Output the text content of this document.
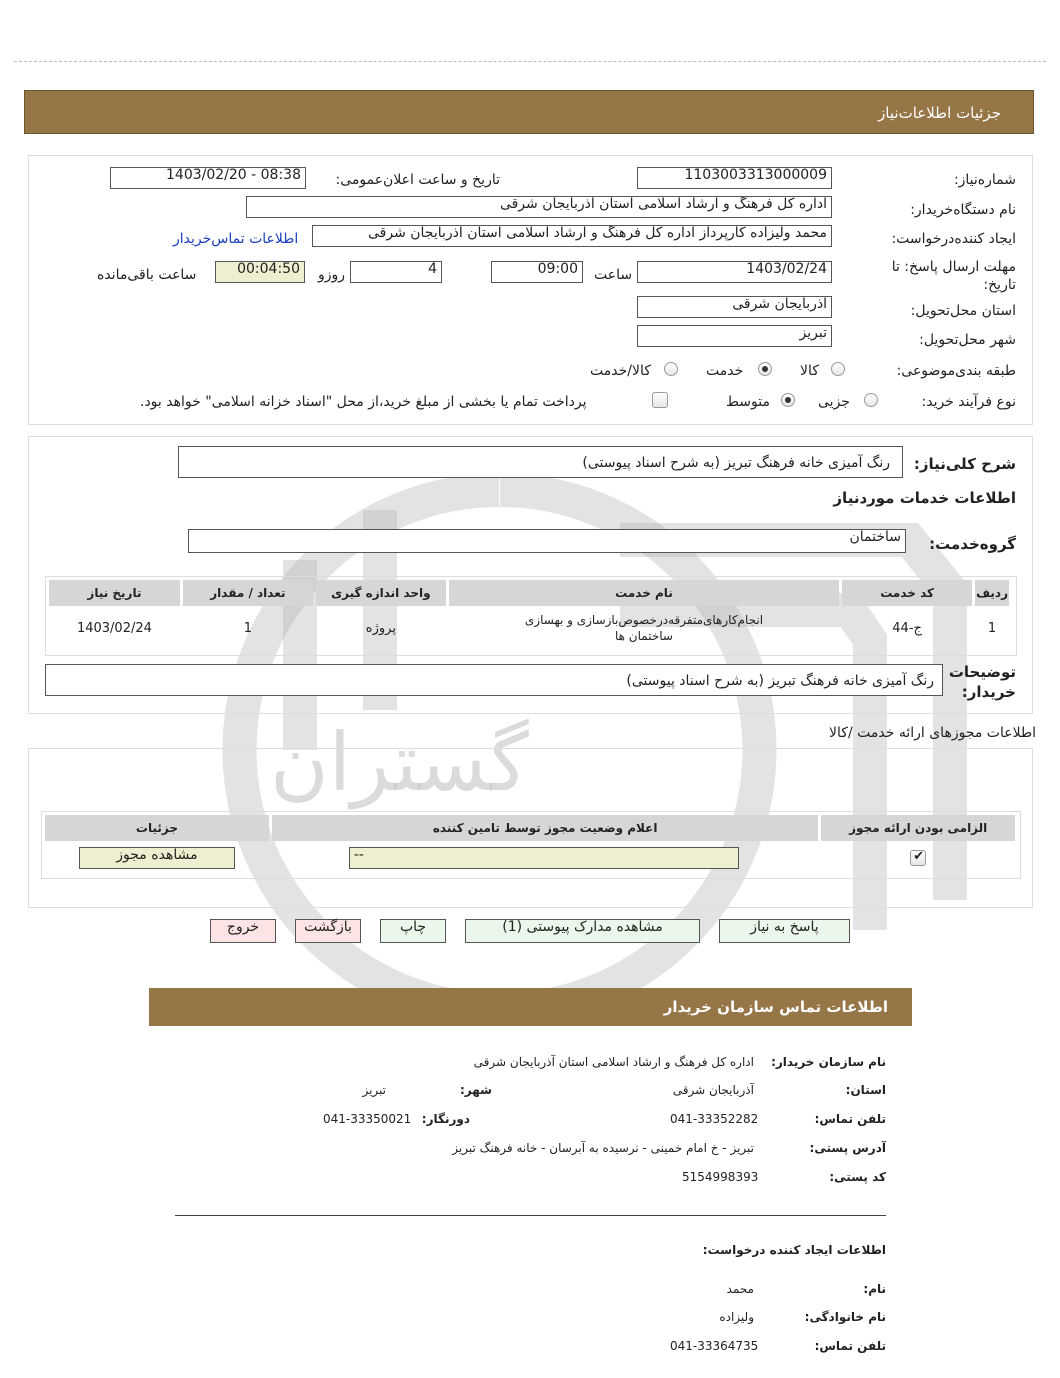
گستران
جزئیات اطلاعات‌نیاز
شماره‌نیاز:
1103003313000009
تاریخ و ساعت اعلان‌عمومی:
1403/02/20 - 08:38
نام دستگاه‌خریدار:
اداره کل فرهنگ و ارشاد اسلامی استان آذربایجان شرقی
ایجاد کننده‌درخواست:
محمد ولیزاده کارپرداز اداره کل فرهنگ و ارشاد اسلامی استان آذربایجان شرقی
اطلاعات تماس‌خریدار
مهلت ارسال پاسخ: تا
تاریخ:
1403/02/24
ساعت
09:00
4
روزو
00:04:50
ساعت باقی‌مانده
استان محل‌تحویل:
آذربایجان شرقی
شهر محل‌تحویل:
تبریز
طبقه بندی‌موضوعی:
کالا
خدمت
کالا/خدمت
نوع فرآیند خرید:
جزیی
متوسط
پرداخت تمام یا بخشی از مبلغ خرید،از محل "اسناد خزانه اسلامی" خواهد بود.
شرح کلی‌نیاز:
رنگ آمیزی خانه فرهنگ تبریز (به شرح اسناد پیوستی)
اطلاعات خدمات موردنیاز
گروه‌خدمت:
ساختمان
ردیف	کد خدمت	نام خدمت	واحد اندازه گیری	تعداد / مقدار	تاریخ نیاز
1	ج-44	انجام‌کارهای‌متفرقه‌درخصوص‌بازسازی و بهسازی ساختمان ها	پروژه	1	1403/02/24
توضیحات
خریدار:
رنگ آمیزی خانه فرهنگ تبریز (به شرح اسناد پیوستی)
اطلاعات مجوزهای ارائه خدمت /کالا
الزامی بودن ارائه مجوز	اعلام وضعیت مجوز توسط تامین کننده	جزئیات

✔	--	مشاهده مجوز
پاسخ به نیاز
مشاهده مدارک پیوستی (1)
چاپ
بازگشت
خروج
اطلاعات تماس سازمان خریدار
نام سازمان خریدار:
اداره کل فرهنگ و ارشاد اسلامی استان آذربایجان شرقی
استان:
آذربایجان شرقی
شهر:
تبریز
تلفن تماس:
041-33352282
دورنگار:
041-33350021
آدرس پستی:
تبریز - خ امام خمینی - نرسیده به آبرسان - خانه فرهنگ تبریز
کد پستی:
5154998393
اطلاعات ایجاد کننده درخواست:
نام:
محمد
نام خانوادگی:
ولیزاده
تلفن تماس:
041-33364735
